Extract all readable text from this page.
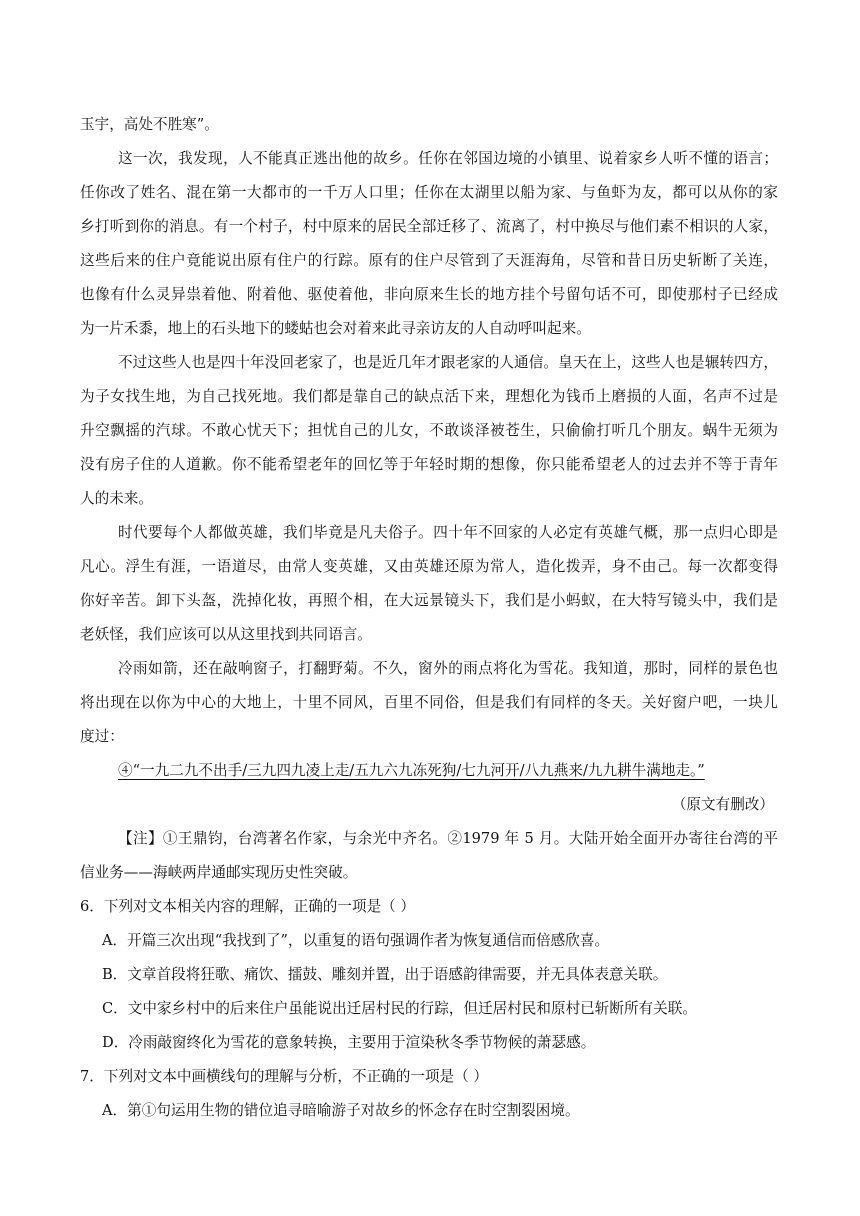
玉宇，高处不胜寒”。
这一次，我发现，人不能真正逃出他的故乡。任你在邻国边境的小镇里、说着家乡人听不懂的语言；
任你改了姓名、混在第一大都市的一千万人口里；任你在太湖里以船为家、与鱼虾为友，都可以从你的家
乡打听到你的消息。有一个村子，村中原来的居民全部迁移了、流离了，村中换尽与他们素不相识的人家，
这些后来的住户竟能说出原有住户的行踪。原有的住户尽管到了天涯海角，尽管和昔日历史斩断了关连，
也像有什么灵异祟着他、附着他、驱使着他，非向原来生长的地方挂个号留句话不可，即使那村子已经成
为一片禾黍，地上的石头地下的蝼蛄也会对着来此寻亲访友的人自动呼叫起来。
不过这些人也是四十年没回老家了，也是近几年才跟老家的人通信。皇天在上，这些人也是辗转四方，
为子女找生地，为自己找死地。我们都是靠自己的缺点活下来，理想化为钱币上磨损的人面，名声不过是
升空飘摇的汽球。不敢心忧天下；担忧自己的儿女，不敢谈泽被苍生，只偷偷打听几个朋友。蜗牛无须为
没有房子住的人道歉。你不能希望老年的回忆等于年轻时期的想像，你只能希望老人的过去并不等于青年
人的未来。
时代要每个人都做英雄，我们毕竟是凡夫俗子。四十年不回家的人必定有英雄气概，那一点归心即是
凡心。浮生有涯，一语道尽，由常人变英雄，又由英雄还原为常人，造化拨弄，身不由己。每一次都变得
你好辛苦。卸下头盔，洗掉化妆，再照个相，在大远景镜头下，我们是小蚂蚁，在大特写镜头中，我们是
老妖怪，我们应该可以从这里找到共同语言。
冷雨如箭，还在敲响窗子，打翻野菊。不久，窗外的雨点将化为雪花。我知道，那时，同样的景色也
将出现在以你为中心的大地上，十里不同风，百里不同俗，但是我们有同样的冬天。关好窗户吧，一块儿
度过：
④“一九二九不出手/三九四九凌上走/五九六九冻死狗/七九河开/八九燕来/九九耕牛满地走。”
（原文有删改）
【注】①王鼎钧，台湾著名作家，与余光中齐名。②1979 年 5 月。大陆开始全面开办寄往台湾的平
信业务——海峡两岸通邮实现历史性突破。
6．下列对文本相关内容的理解，正确的一项是（ ）
A．开篇三次出现“我找到了”，以重复的语句强调作者为恢复通信而倍感欣喜。
B．文章首段将狂歌、痛饮、擂鼓、雕刻并置，出于语感韵律需要，并无具体表意关联。
C．文中家乡村中的后来住户虽能说出迁居村民的行踪，但迁居村民和原村已斩断所有关联。
D．冷雨敲窗终化为雪花的意象转换，主要用于渲染秋冬季节物候的萧瑟感。
7．下列对文本中画横线句的理解与分析，不正确的一项是（ ）
A．第①句运用生物的错位追寻暗喻游子对故乡的怀念存在时空割裂困境。
